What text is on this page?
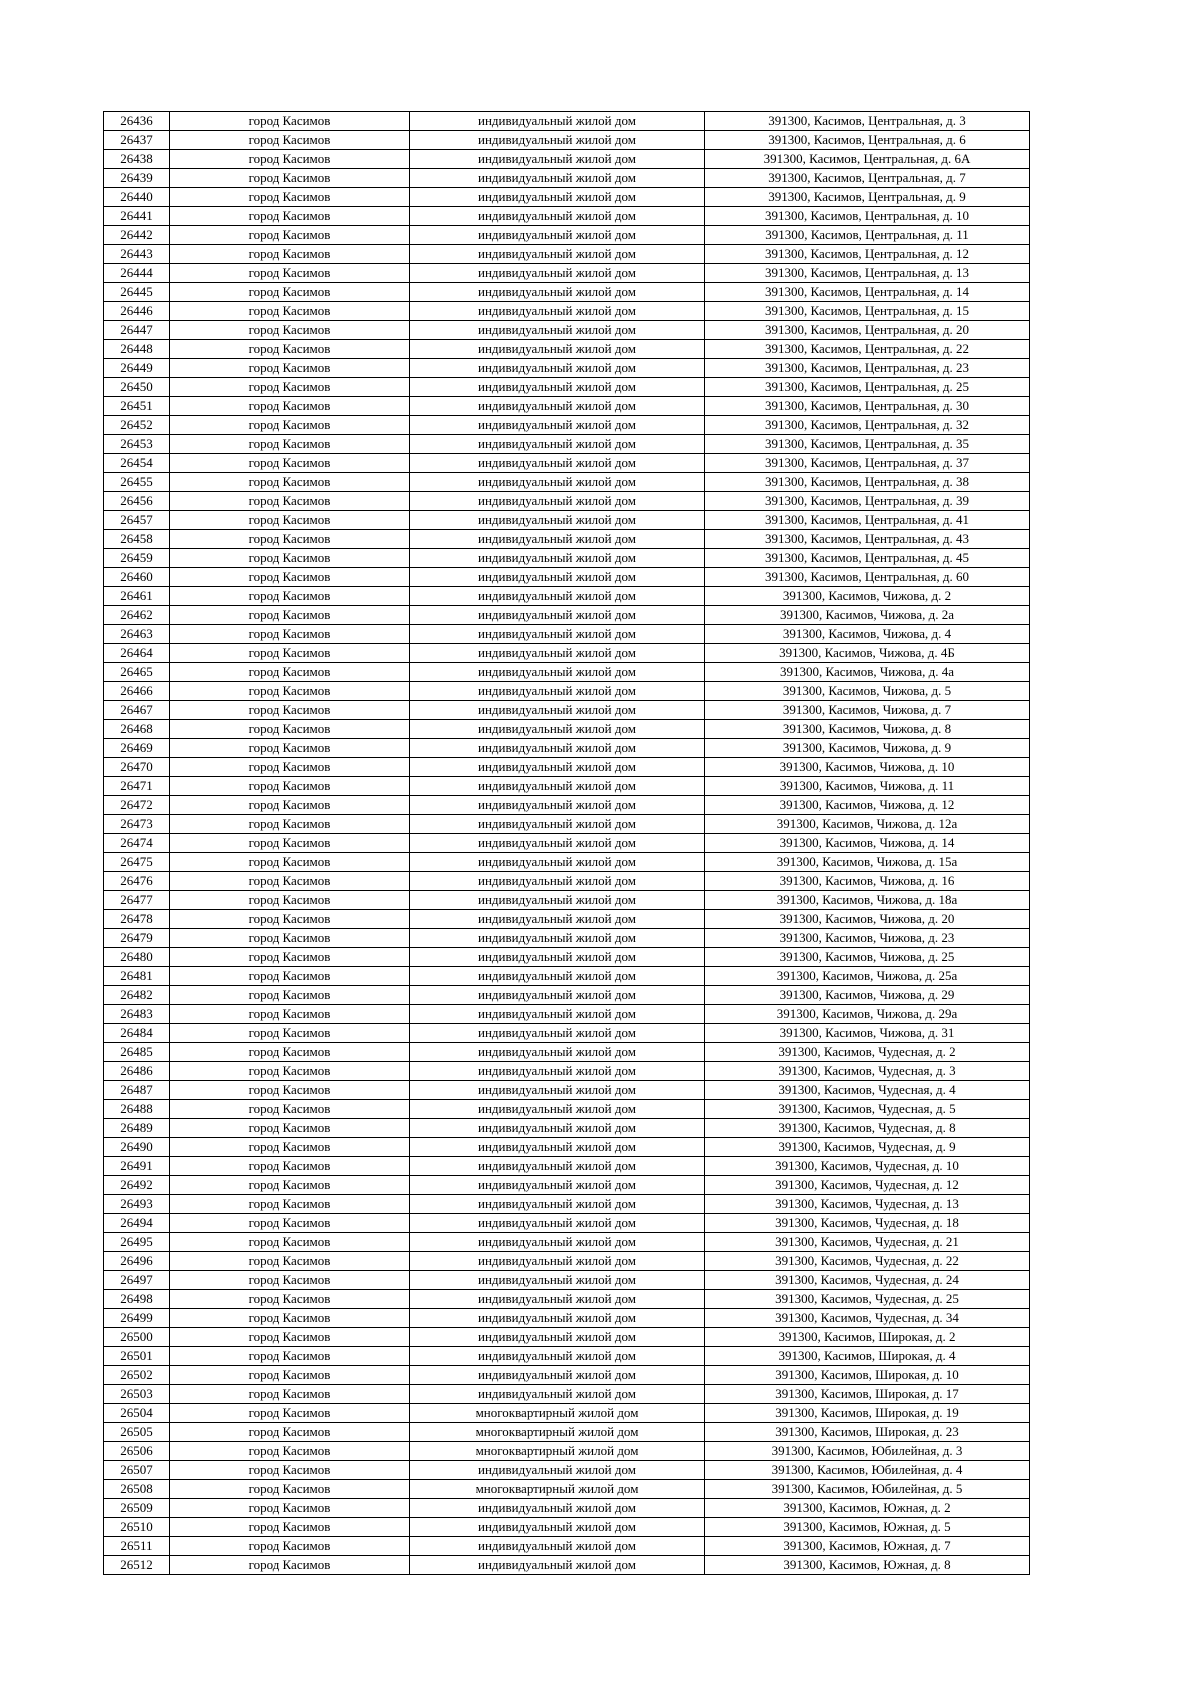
26436	город Касимов	индивидуальный жилой дом	391300, Касимов, Центральная, д. 3
26437	город Касимов	индивидуальный жилой дом	391300, Касимов, Центральная, д. 6
26438	город Касимов	индивидуальный жилой дом	391300, Касимов, Центральная, д. 6А
26439	город Касимов	индивидуальный жилой дом	391300, Касимов, Центральная, д. 7
26440	город Касимов	индивидуальный жилой дом	391300, Касимов, Центральная, д. 9
26441	город Касимов	индивидуальный жилой дом	391300, Касимов, Центральная, д. 10
26442	город Касимов	индивидуальный жилой дом	391300, Касимов, Центральная, д. 11
26443	город Касимов	индивидуальный жилой дом	391300, Касимов, Центральная, д. 12
26444	город Касимов	индивидуальный жилой дом	391300, Касимов, Центральная, д. 13
26445	город Касимов	индивидуальный жилой дом	391300, Касимов, Центральная, д. 14
26446	город Касимов	индивидуальный жилой дом	391300, Касимов, Центральная, д. 15
26447	город Касимов	индивидуальный жилой дом	391300, Касимов, Центральная, д. 20
26448	город Касимов	индивидуальный жилой дом	391300, Касимов, Центральная, д. 22
26449	город Касимов	индивидуальный жилой дом	391300, Касимов, Центральная, д. 23
26450	город Касимов	индивидуальный жилой дом	391300, Касимов, Центральная, д. 25
26451	город Касимов	индивидуальный жилой дом	391300, Касимов, Центральная, д. 30
26452	город Касимов	индивидуальный жилой дом	391300, Касимов, Центральная, д. 32
26453	город Касимов	индивидуальный жилой дом	391300, Касимов, Центральная, д. 35
26454	город Касимов	индивидуальный жилой дом	391300, Касимов, Центральная, д. 37
26455	город Касимов	индивидуальный жилой дом	391300, Касимов, Центральная, д. 38
26456	город Касимов	индивидуальный жилой дом	391300, Касимов, Центральная, д. 39
26457	город Касимов	индивидуальный жилой дом	391300, Касимов, Центральная, д. 41
26458	город Касимов	индивидуальный жилой дом	391300, Касимов, Центральная, д. 43
26459	город Касимов	индивидуальный жилой дом	391300, Касимов, Центральная, д. 45
26460	город Касимов	индивидуальный жилой дом	391300, Касимов, Центральная, д. 60
26461	город Касимов	индивидуальный жилой дом	391300, Касимов, Чижова, д. 2
26462	город Касимов	индивидуальный жилой дом	391300, Касимов, Чижова, д. 2а
26463	город Касимов	индивидуальный жилой дом	391300, Касимов, Чижова, д. 4
26464	город Касимов	индивидуальный жилой дом	391300, Касимов, Чижова, д. 4Б
26465	город Касимов	индивидуальный жилой дом	391300, Касимов, Чижова, д. 4а
26466	город Касимов	индивидуальный жилой дом	391300, Касимов, Чижова, д. 5
26467	город Касимов	индивидуальный жилой дом	391300, Касимов, Чижова, д. 7
26468	город Касимов	индивидуальный жилой дом	391300, Касимов, Чижова, д. 8
26469	город Касимов	индивидуальный жилой дом	391300, Касимов, Чижова, д. 9
26470	город Касимов	индивидуальный жилой дом	391300, Касимов, Чижова, д. 10
26471	город Касимов	индивидуальный жилой дом	391300, Касимов, Чижова, д. 11
26472	город Касимов	индивидуальный жилой дом	391300, Касимов, Чижова, д. 12
26473	город Касимов	индивидуальный жилой дом	391300, Касимов, Чижова, д. 12а
26474	город Касимов	индивидуальный жилой дом	391300, Касимов, Чижова, д. 14
26475	город Касимов	индивидуальный жилой дом	391300, Касимов, Чижова, д. 15а
26476	город Касимов	индивидуальный жилой дом	391300, Касимов, Чижова, д. 16
26477	город Касимов	индивидуальный жилой дом	391300, Касимов, Чижова, д. 18а
26478	город Касимов	индивидуальный жилой дом	391300, Касимов, Чижова, д. 20
26479	город Касимов	индивидуальный жилой дом	391300, Касимов, Чижова, д. 23
26480	город Касимов	индивидуальный жилой дом	391300, Касимов, Чижова, д. 25
26481	город Касимов	индивидуальный жилой дом	391300, Касимов, Чижова, д. 25а
26482	город Касимов	индивидуальный жилой дом	391300, Касимов, Чижова, д. 29
26483	город Касимов	индивидуальный жилой дом	391300, Касимов, Чижова, д. 29а
26484	город Касимов	индивидуальный жилой дом	391300, Касимов, Чижова, д. 31
26485	город Касимов	индивидуальный жилой дом	391300, Касимов, Чудесная, д. 2
26486	город Касимов	индивидуальный жилой дом	391300, Касимов, Чудесная, д. 3
26487	город Касимов	индивидуальный жилой дом	391300, Касимов, Чудесная, д. 4
26488	город Касимов	индивидуальный жилой дом	391300, Касимов, Чудесная, д. 5
26489	город Касимов	индивидуальный жилой дом	391300, Касимов, Чудесная, д. 8
26490	город Касимов	индивидуальный жилой дом	391300, Касимов, Чудесная, д. 9
26491	город Касимов	индивидуальный жилой дом	391300, Касимов, Чудесная, д. 10
26492	город Касимов	индивидуальный жилой дом	391300, Касимов, Чудесная, д. 12
26493	город Касимов	индивидуальный жилой дом	391300, Касимов, Чудесная, д. 13
26494	город Касимов	индивидуальный жилой дом	391300, Касимов, Чудесная, д. 18
26495	город Касимов	индивидуальный жилой дом	391300, Касимов, Чудесная, д. 21
26496	город Касимов	индивидуальный жилой дом	391300, Касимов, Чудесная, д. 22
26497	город Касимов	индивидуальный жилой дом	391300, Касимов, Чудесная, д. 24
26498	город Касимов	индивидуальный жилой дом	391300, Касимов, Чудесная, д. 25
26499	город Касимов	индивидуальный жилой дом	391300, Касимов, Чудесная, д. 34
26500	город Касимов	индивидуальный жилой дом	391300, Касимов, Широкая, д. 2
26501	город Касимов	индивидуальный жилой дом	391300, Касимов, Широкая, д. 4
26502	город Касимов	индивидуальный жилой дом	391300, Касимов, Широкая, д. 10
26503	город Касимов	индивидуальный жилой дом	391300, Касимов, Широкая, д. 17
26504	город Касимов	многоквартирный жилой дом	391300, Касимов, Широкая, д. 19
26505	город Касимов	многоквартирный жилой дом	391300, Касимов, Широкая, д. 23
26506	город Касимов	многоквартирный жилой дом	391300, Касимов, Юбилейная, д. 3
26507	город Касимов	индивидуальный жилой дом	391300, Касимов, Юбилейная, д. 4
26508	город Касимов	многоквартирный жилой дом	391300, Касимов, Юбилейная, д. 5
26509	город Касимов	индивидуальный жилой дом	391300, Касимов, Южная, д. 2
26510	город Касимов	индивидуальный жилой дом	391300, Касимов, Южная, д. 5
26511	город Касимов	индивидуальный жилой дом	391300, Касимов, Южная, д. 7
26512	город Касимов	индивидуальный жилой дом	391300, Касимов, Южная, д. 8
